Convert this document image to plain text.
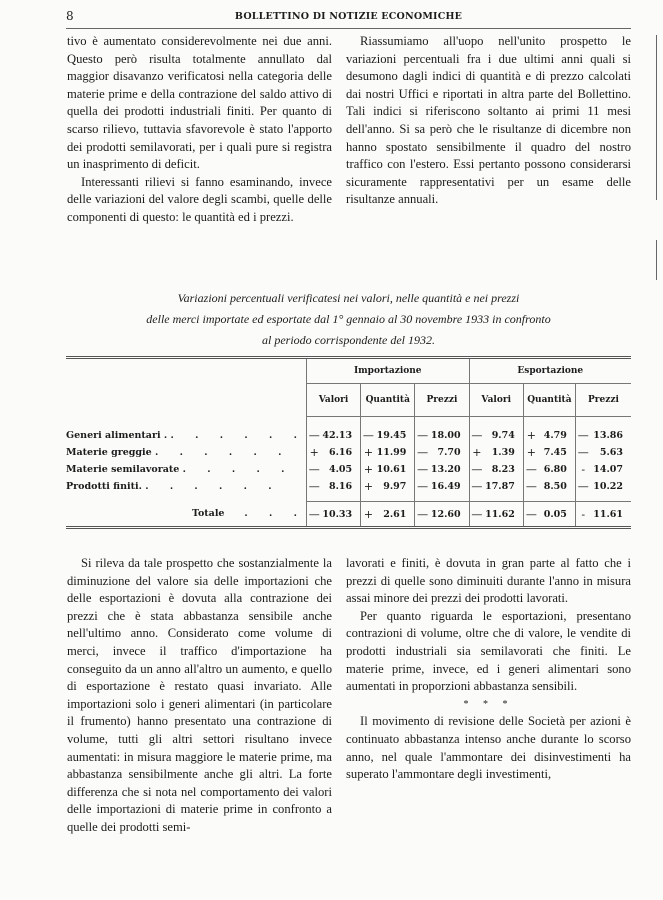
8	BOLLETTINO DI NOTIZIE ECONOMICHE

tivo è aumentato considerevolmente nei due anni. Questo però risulta totalmente annullato dal maggior disavanzo verificatosi nella categoria delle materie prime e della contrazione del saldo attivo di quella dei prodotti industriali finiti. Per quanto di scarso rilievo, tuttavia sfavorevole è stato l'apporto dei prodotti semilavorati, per i quali pure si registra un inasprimento di deficit.

Interessanti rilievi si fanno esaminando, invece delle variazioni del valore degli scambi, quelle delle componenti di questo: le quantità ed i prezzi.

Riassumiamo all'uopo nell'unito prospetto le variazioni percentuali fra i due ultimi anni quali si desumono dagli indici di quantità e di prezzo calcolati dai nostri Uffici e riportati in altra parte del Bollettino. Tali indici si riferiscono soltanto ai primi 11 mesi dell'anno. Si sa però che le risultanze di dicembre non hanno spostato sensibilmente il quadro del nostro traffico con l'estero. Essi pertanto possono considerarsi sicuramente rappresentativi per un esame delle risultanze annuali.

Variazioni percentuali verificatesi nei valori, nelle quantità e nei prezzi
delle merci importate ed esportate dal 1° gennaio al 30 novembre 1933 in confronto
al periodo corrispondente del 1932.
	Importazione						Esportazione					
	Valori		Quantità		Prezzi		Valori		Quantità		Prezzi	
Generi alimentari . . . . . . .	—	42.13	—	19.45	—	18.00	—	9.74	+	4.79	—	13.86
Materie greggie . . . . . .	+	6.16	+	11.99	—	7.70	+	1.39	+	7.45	—	5.63
Materie semilavorate . . . . .	—	4.05	+	10.61	—	13.20	—	8.23	—	6.80	-	14.07
Prodotti finiti. . . . . . .	—	8.16	+	9.97	—	16.49	—	17.87	—	8.50	—	10.22

Totale . . .	—	10.33	+	2.61	—	12.60	—	11.62	—	0.05	-	11.61

Si rileva da tale prospetto che sostanzialmente la diminuzione del valore sia delle importazioni che delle esportazioni è dovuta alla contrazione dei prezzi che è stata abbastanza sensibile anche nell'ultimo anno. Considerato come volume di merci, invece il traffico d'importazione ha conseguito da un anno all'altro un aumento, e quello di esportazione è restato quasi invariato. Alle importazioni solo i generi alimentari (in particolare il frumento) hanno presentato una contrazione di volume, tutti gli altri settori risultano invece aumentati: in misura maggiore le materie prime, ma abbastanza sensibilmente anche gli altri. La forte differenza che si nota nel comportamento dei valori delle importazioni di materie prime in confronto a quelle dei prodotti semi-

lavorati e finiti, è dovuta in gran parte al fatto che i prezzi di quelle sono diminuiti durante l'anno in misura assai minore dei prezzi dei prodotti lavorati.

Per quanto riguarda le esportazioni, presentano contrazioni di volume, oltre che di valore, le vendite di prodotti industriali sia semilavorati che finiti. Le materie prime, invece, ed i generi alimentari sono aumentati in proporzioni abbastanza sensibili.

* * *

Il movimento di revisione delle Società per azioni è continuato abbastanza intenso anche durante lo scorso anno, nel quale l'ammontare dei disinvestimenti ha superato l'ammontare degli investimenti,
